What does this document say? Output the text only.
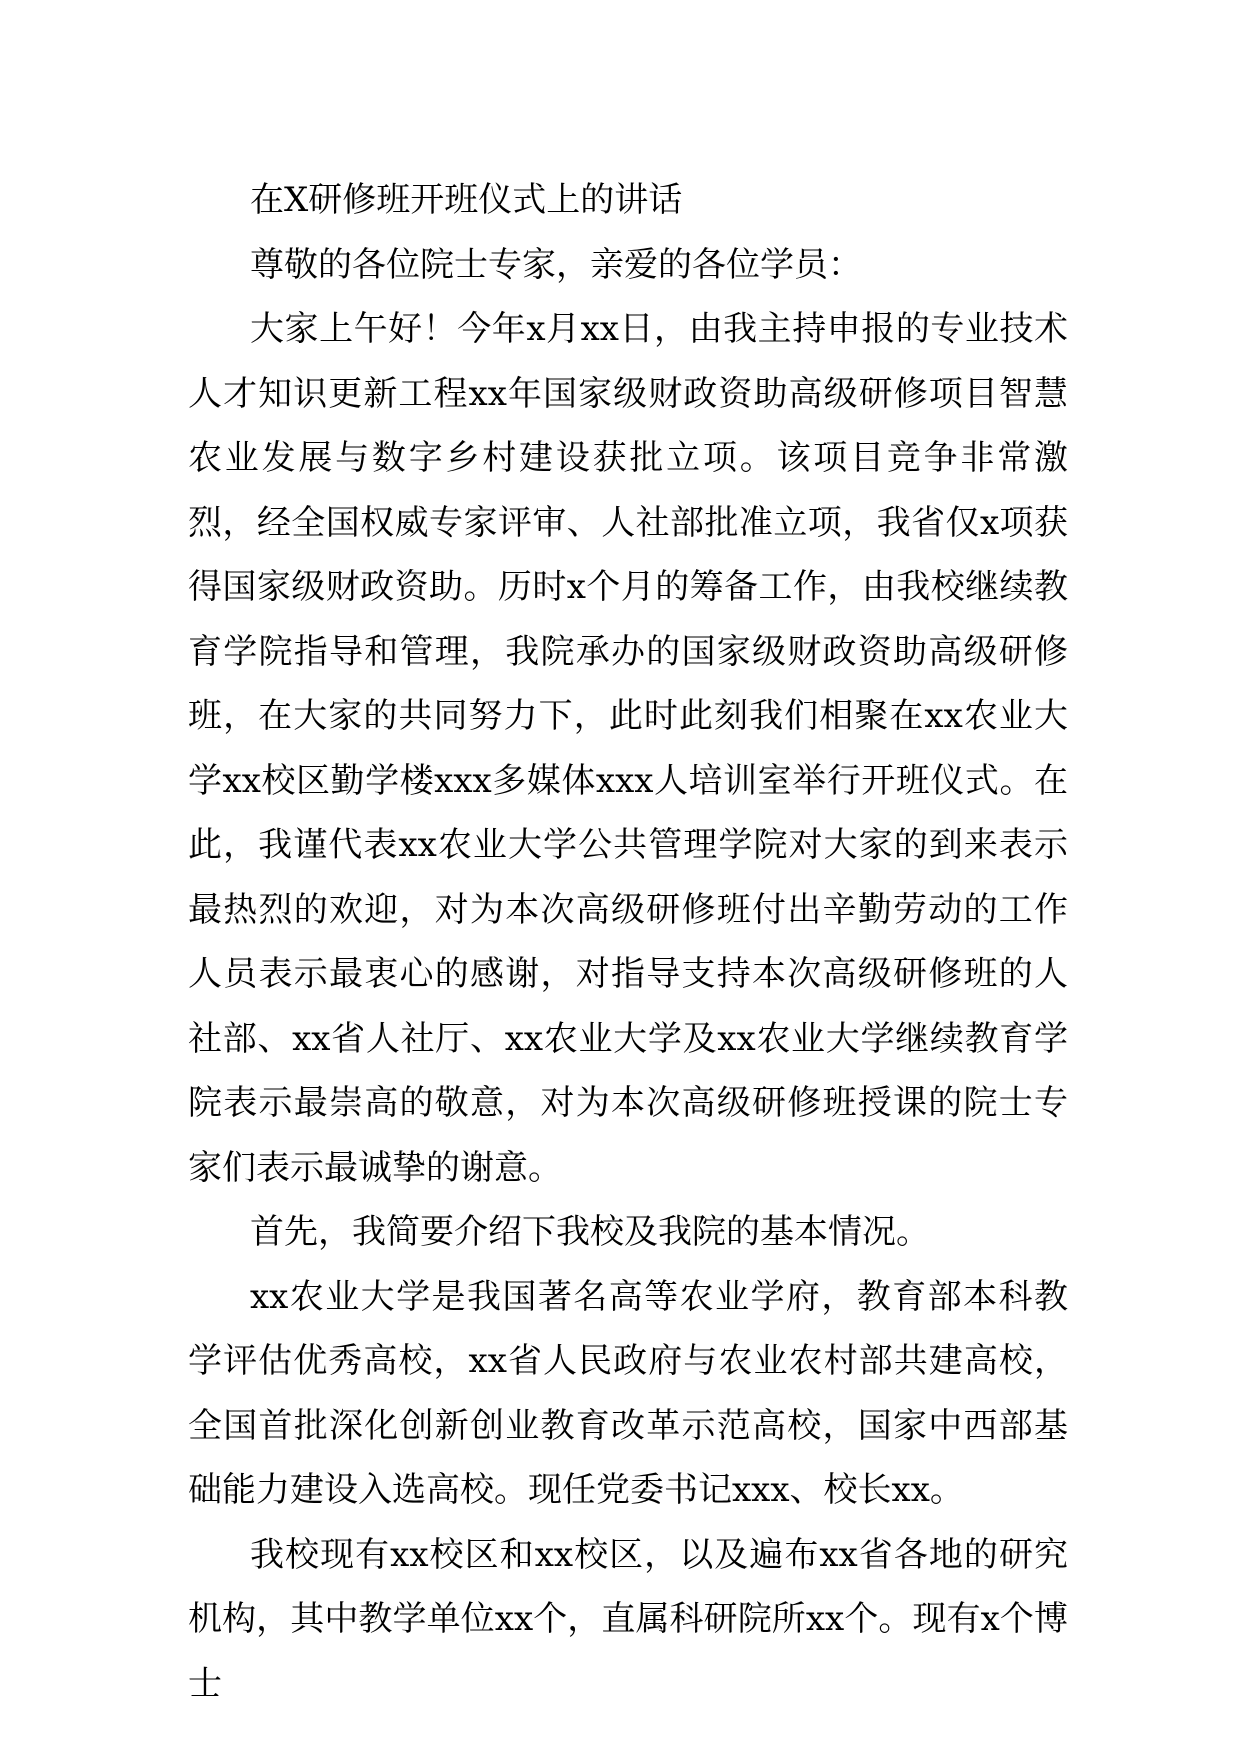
在X研修班开班仪式上的讲话

尊敬的各位院士专家，亲爱的各位学员：

大家上午好！今年x月xx日，由我主持申报的专业技术人才知识更新工程xx年国家级财政资助高级研修项目智慧农业发展与数字乡村建设获批立项。该项目竞争非常激烈，经全国权威专家评审、人社部批准立项，我省仅x项获得国家级财政资助。历时x个月的筹备工作，由我校继续教育学院指导和管理，我院承办的国家级财政资助高级研修班，在大家的共同努力下，此时此刻我们相聚在xx农业大学xx校区勤学楼xxx多媒体xxx人培训室举行开班仪式。在此，我谨代表xx农业大学公共管理学院对大家的到来表示最热烈的欢迎，对为本次高级研修班付出辛勤劳动的工作人员表示最衷心的感谢，对指导支持本次高级研修班的人社部、xx省人社厅、xx农业大学及xx农业大学继续教育学院表示最崇高的敬意，对为本次高级研修班授课的院士专家们表示最诚挚的谢意。

首先，我简要介绍下我校及我院的基本情况。

xx农业大学是我国著名高等农业学府，教育部本科教学评估优秀高校，xx省人民政府与农业农村部共建高校，全国首批深化创新创业教育改革示范高校，国家中西部基础能力建设入选高校。现任党委书记xxx、校长xx。

我校现有xx校区和xx校区，以及遍布xx省各地的研究机构，其中教学单位xx个，直属科研院所xx个。现有x个博士
